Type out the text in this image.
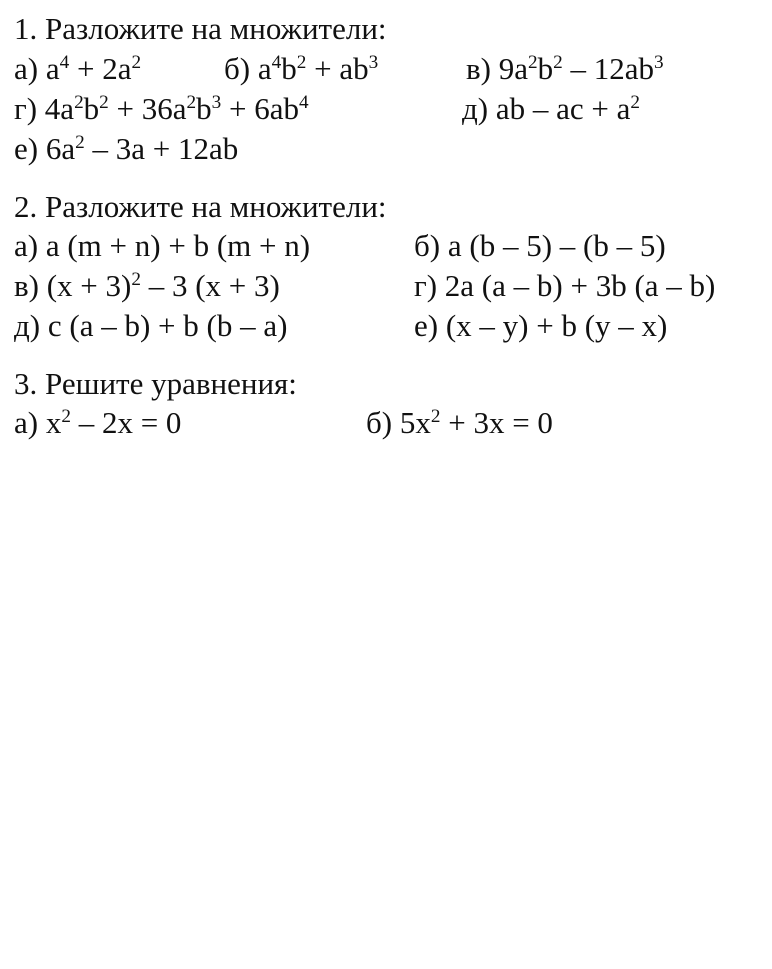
1. Разложите на множители:
а) $a^4 + 2a^2$	б) $a^4b^2 + ab^3$	в) $9a^2b^2 - 12ab^3$
г) $4a^2b^2 + 36a^2b^3 + 6ab^4$	д) ab – ac + $a^2$
е) $6a^2 - 3a + 12ab$
2. Разложите на множители:
а) a (m + n) + b (m + n)	б) a (b – 5) – (b – 5)
в) $(x + 3)^2 - 3$ (x + 3)	г) 2a (a – b) + 3b (a – b)
д) c (a – b) + b (b – a)	е) (x – y) + b (y – x)
3. Решите уравнения:
а) $x^2 - 2x = 0$	б) $5x^2 + 3x = 0$
